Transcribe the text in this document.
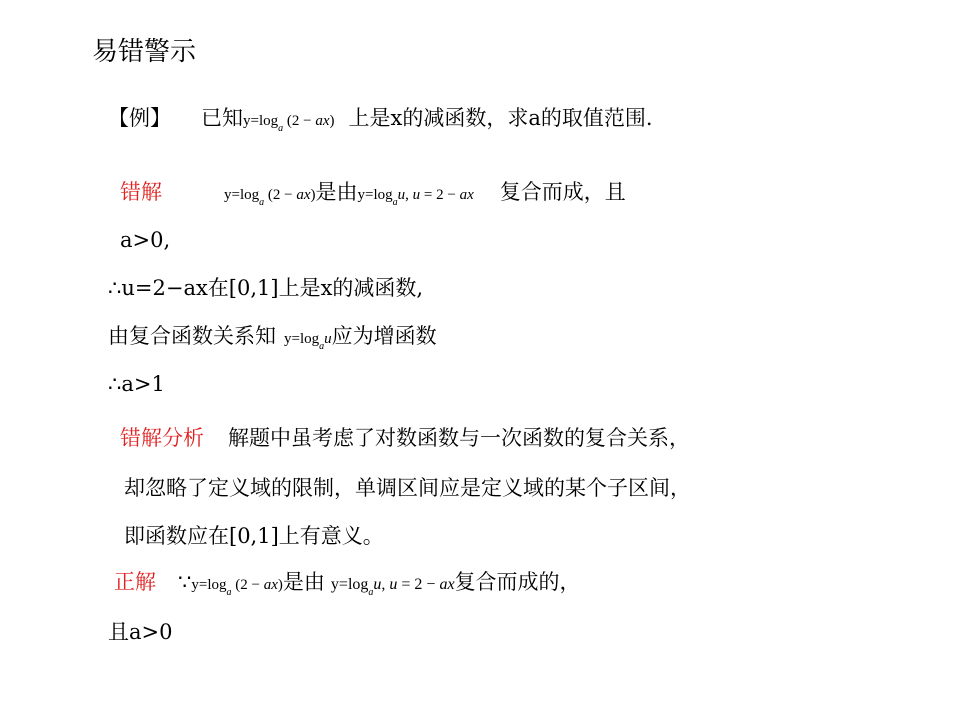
易错警示
【例】 已知$y=\log_a$ (2 − ax) 上是x的减函数，求a的取值范围.
错解	$y=\log_a$ (2 − ax)是由$y=\log_au$, u = 2 − ax 复合而成，且
a>0,
∴u=2−ax在[0,1]上是x的减函数,
由复合函数关系知 $y=\log_au$应为增函数
∴a>1
错解分析 解题中虽考虑了对数函数与一次函数的复合关系，
却忽略了定义域的限制，单调区间应是定义域的某个子区间，
即函数应在[0,1]上有意义。
正解 $\because y=\log_a$ (2 − ax)是由 $y=\log_au$, u = 2 − ax复合而成的，
且a>0
